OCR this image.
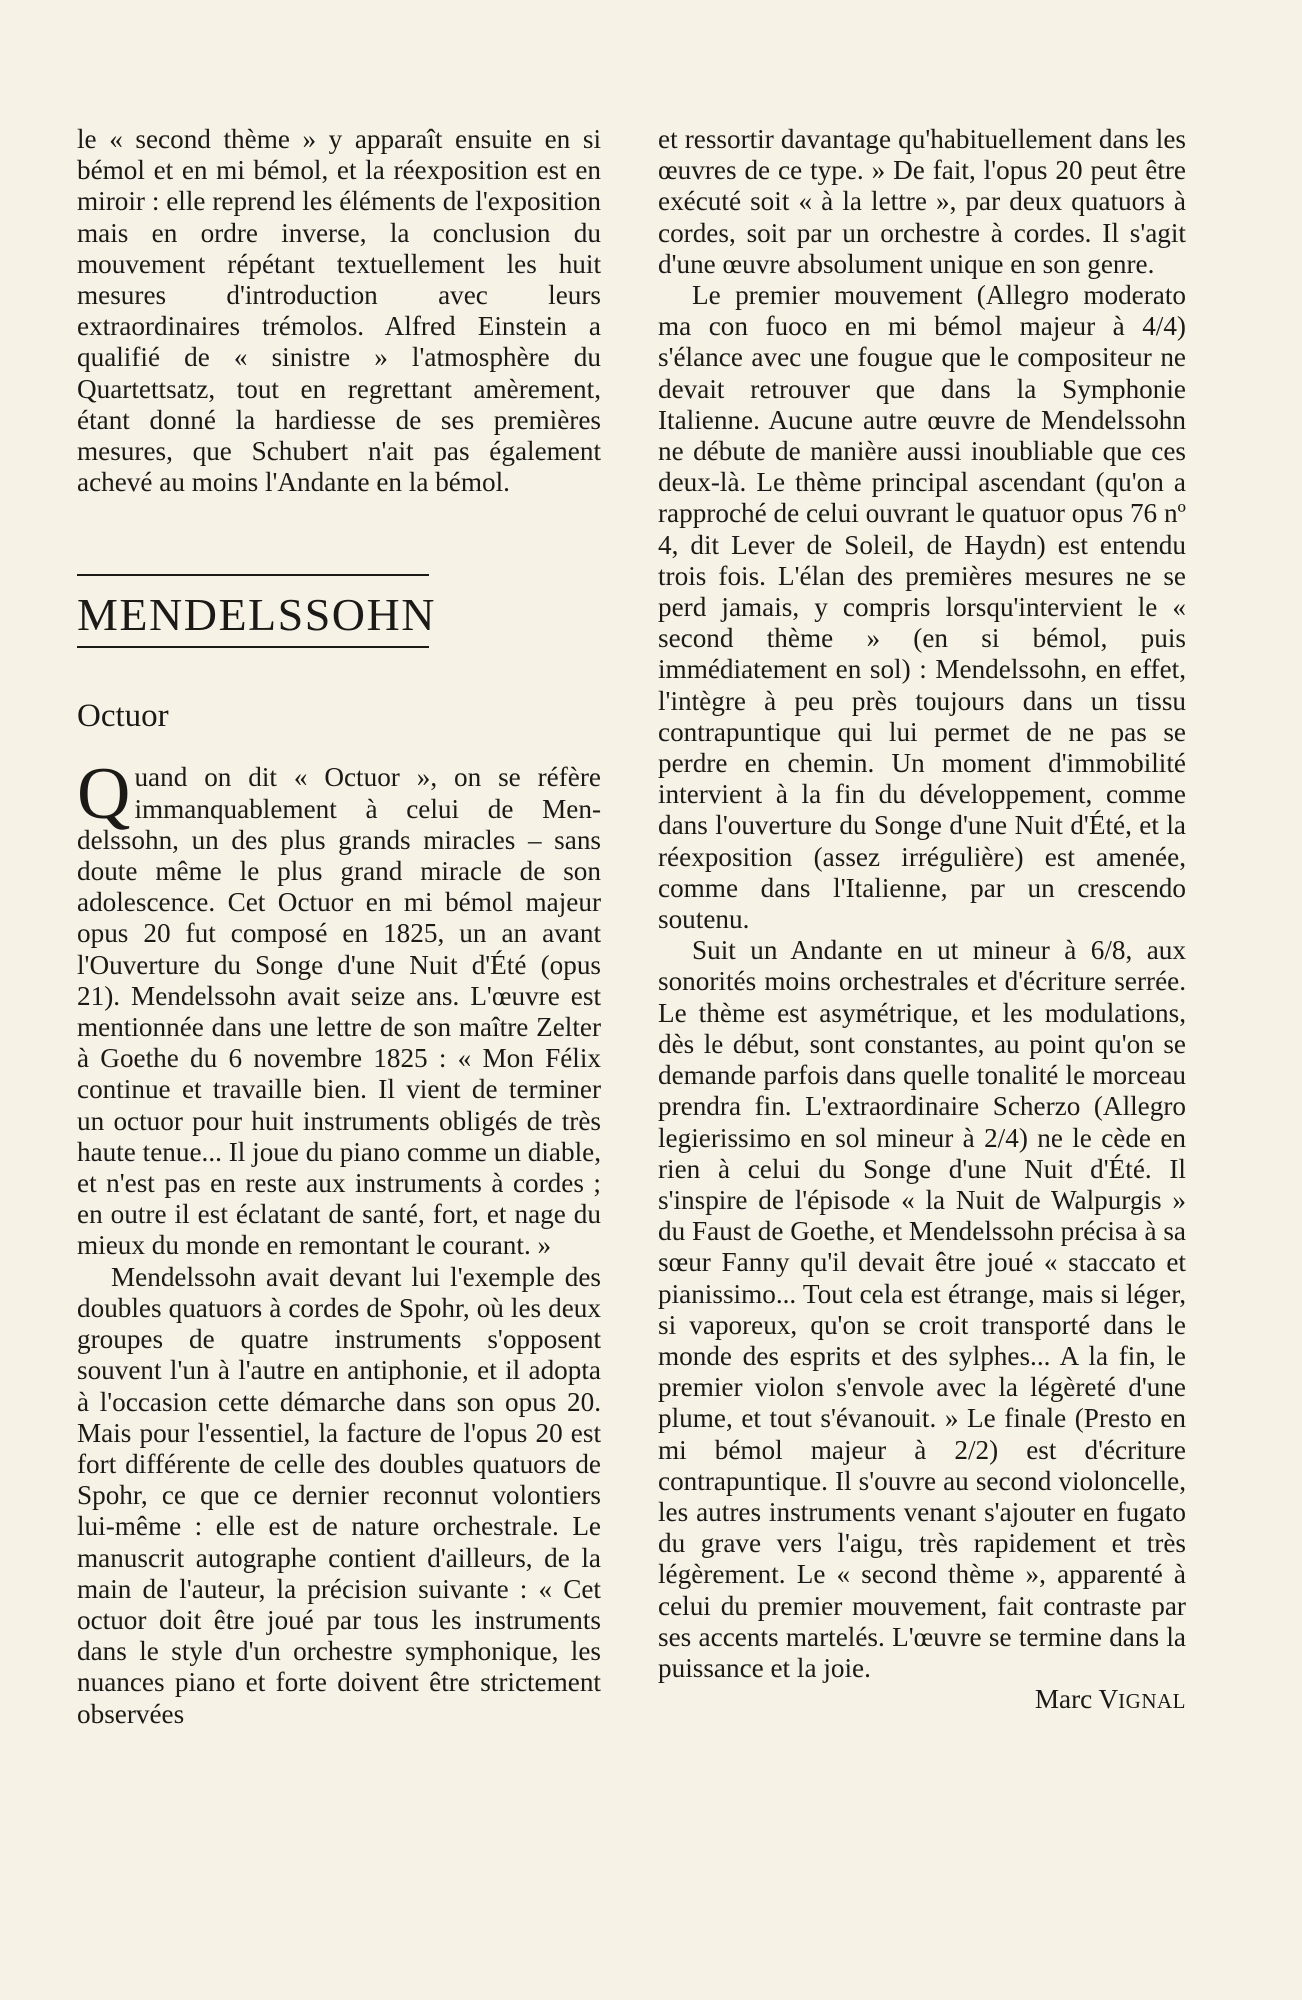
le « second thème » y apparaît ensuite en si bémol et en mi bémol, et la réexposition est en miroir : elle reprend les éléments de l'exposition mais en ordre inverse, la conclusion du mouvement répétant textuellement les huit mesures d'introduction avec leurs extraordinaires trémolos. Alfred Einstein a qualifié de « sinistre » l'atmosphère du Quartettsatz, tout en regrettant amèrement, étant donné la hardiesse de ses premières mesures, que Schubert n'ait pas également achevé au moins l'Andante en la bémol.

MENDELSSOHN
Octuor

Quand on dit « Octuor », on se réfère immanquablement à celui de Mendelssohn, un des plus grands miracles – sans doute même le plus grand miracle de son adolescence. Cet Octuor en mi bémol majeur opus 20 fut composé en 1825, un an avant l'Ouverture du Songe d'une Nuit d'Été (opus 21). Mendelssohn avait seize ans. L'œuvre est mentionnée dans une lettre de son maître Zelter à Goethe du 6 novembre 1825 : « Mon Félix continue et travaille bien. Il vient de terminer un octuor pour huit instruments obligés de très haute tenue... Il joue du piano comme un diable, et n'est pas en reste aux instruments à cordes ; en outre il est éclatant de santé, fort, et nage du mieux du monde en remontant le courant. »

Mendelssohn avait devant lui l'exemple des doubles quatuors à cordes de Spohr, où les deux groupes de quatre instruments s'opposent souvent l'un à l'autre en antiphonie, et il adopta à l'occasion cette démarche dans son opus 20. Mais pour l'essentiel, la facture de l'opus 20 est fort différente de celle des doubles quatuors de Spohr, ce que ce dernier reconnut volontiers lui-même : elle est de nature orchestrale. Le manuscrit autographe contient d'ailleurs, de la main de l'auteur, la précision suivante : « Cet octuor doit être joué par tous les instruments dans le style d'un orchestre symphonique, les nuances piano et forte doivent être strictement observées

et ressortir davantage qu'habituellement dans les œuvres de ce type. » De fait, l'opus 20 peut être exécuté soit « à la lettre », par deux quatuors à cordes, soit par un orchestre à cordes. Il s'agit d'une œuvre absolument unique en son genre.

Le premier mouvement (Allegro moderato ma con fuoco en mi bémol majeur à 4/4) s'élance avec une fougue que le compositeur ne devait retrouver que dans la Symphonie Italienne. Aucune autre œuvre de Mendelssohn ne débute de manière aussi inoubliable que ces deux-là. Le thème principal ascendant (qu'on a rapproché de celui ouvrant le quatuor opus 76 nº 4, dit Lever de Soleil, de Haydn) est entendu trois fois. L'élan des premières mesures ne se perd jamais, y compris lorsqu'intervient le « second thème » (en si bémol, puis immédiatement en sol) : Mendelssohn, en effet, l'intègre à peu près toujours dans un tissu contrapuntique qui lui permet de ne pas se perdre en chemin. Un moment d'immobilité intervient à la fin du développement, comme dans l'ouverture du Songe d'une Nuit d'Été, et la réexposition (assez irrégulière) est amenée, comme dans l'Italienne, par un crescendo soutenu.

Suit un Andante en ut mineur à 6/8, aux sonorités moins orchestrales et d'écriture serrée. Le thème est asymétrique, et les modulations, dès le début, sont constantes, au point qu'on se demande parfois dans quelle tonalité le morceau prendra fin. L'extraordinaire Scherzo (Allegro legierissimo en sol mineur à 2/4) ne le cède en rien à celui du Songe d'une Nuit d'Été. Il s'inspire de l'épisode « la Nuit de Walpurgis » du Faust de Goethe, et Mendelssohn précisa à sa sœur Fanny qu'il devait être joué « staccato et pianissimo... Tout cela est étrange, mais si léger, si vaporeux, qu'on se croit transporté dans le monde des esprits et des sylphes... A la fin, le premier violon s'envole avec la légèreté d'une plume, et tout s'évanouit. » Le finale (Presto en mi bémol majeur à 2/2) est d'écriture contrapuntique. Il s'ouvre au second violoncelle, les autres instruments venant s'ajouter en fugato du grave vers l'aigu, très rapidement et très légèrement. Le « second thème », apparenté à celui du premier mouvement, fait contraste par ses accents martelés. L'œuvre se termine dans la puissance et la joie.

Marc VIGNAL
